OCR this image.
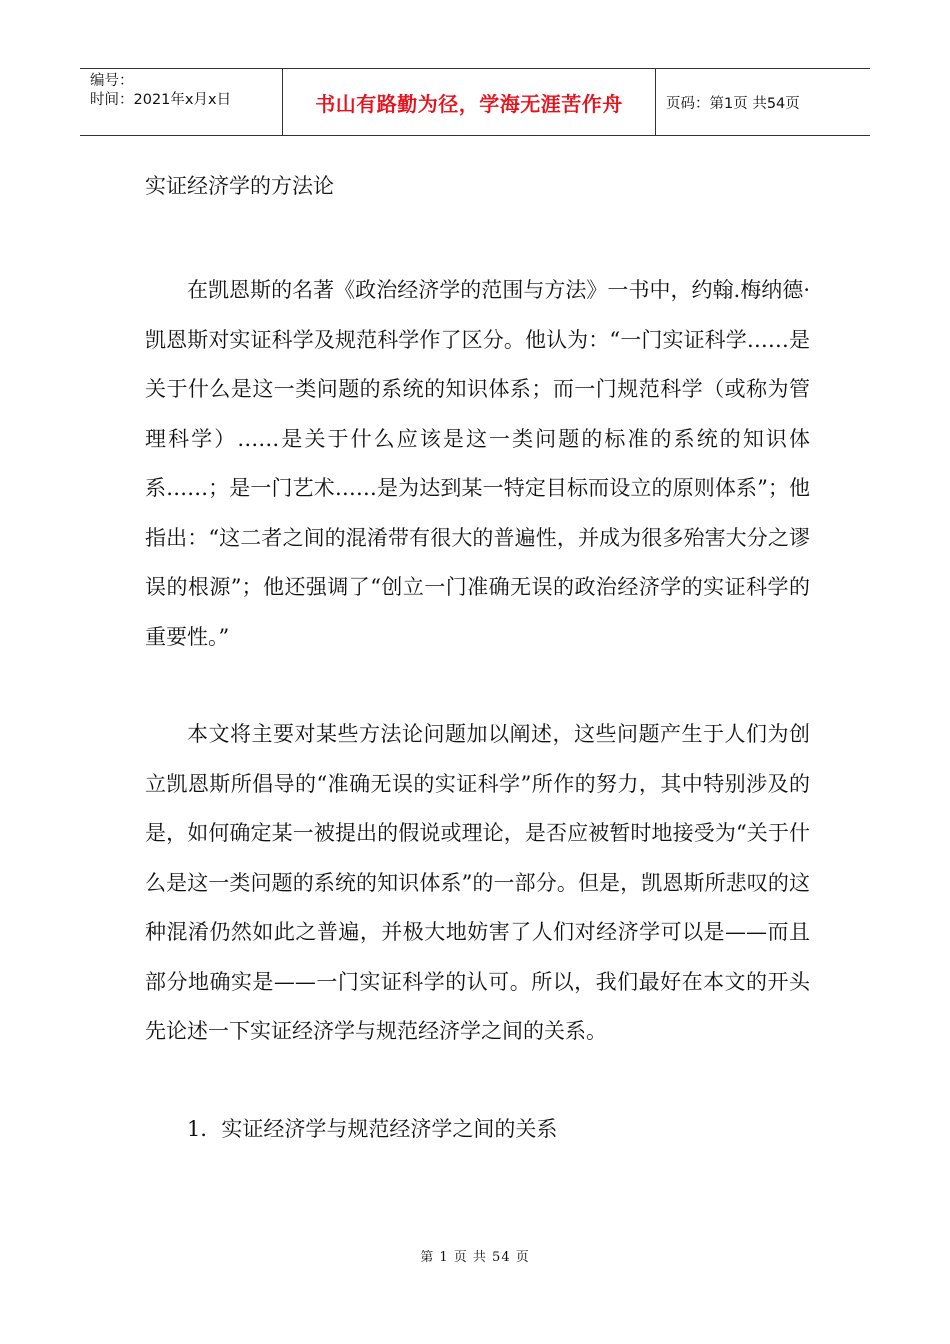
编号：
时间：2021年x月x日	书山有路勤为径，学海无涯苦作舟	页码：第1页 共54页

实证经济学的方法论

在凯恩斯的名著《政治经济学的范围与方法》一书中，约翰.梅纳德·凯恩斯对实证科学及规范科学作了区分。他认为：“一门实证科学……是关于什么是这一类问题的系统的知识体系；而一门规范科学（或称为管理科学）……是关于什么应该是这一类问题的标准的系统的知识体系……；是一门艺术……是为达到某一特定目标而设立的原则体系”；他指出：“这二者之间的混淆带有很大的普遍性，并成为很多殆害大分之谬误的根源”；他还强调了“创立一门准确无误的政治经济学的实证科学的重要性。”

本文将主要对某些方法论问题加以阐述，这些问题产生于人们为创立凯恩斯所倡导的“准确无误的实证科学”所作的努力，其中特别涉及的是，如何确定某一被提出的假说或理论，是否应被暂时地接受为“关于什么是这一类问题的系统的知识体系”的一部分。但是，凯恩斯所悲叹的这种混淆仍然如此之普遍，并极大地妨害了人们对经济学可以是——而且部分地确实是——一门实证科学的认可。所以，我们最好在本文的开头先论述一下实证经济学与规范经济学之间的关系。

1．实证经济学与规范经济学之间的关系

第 1 页 共 54 页
